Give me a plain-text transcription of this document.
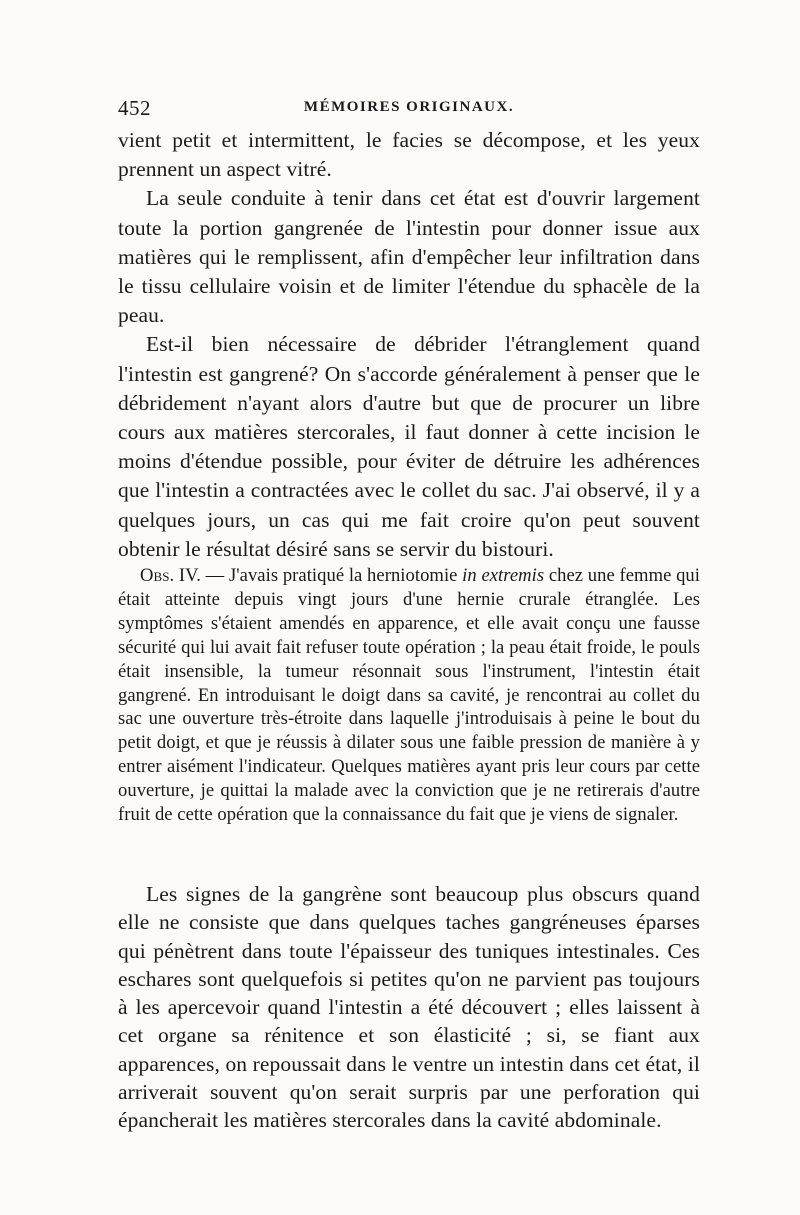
452	MÉMOIRES ORIGINAUX.

vient petit et intermittent, le facies se décompose, et les yeux prennent un aspect vitré.

La seule conduite à tenir dans cet état est d'ouvrir largement toute la portion gangrenée de l'intestin pour donner issue aux matières qui le remplissent, afin d'empêcher leur infiltration dans le tissu cellulaire voisin et de limiter l'étendue du sphacèle de la peau.

Est-il bien nécessaire de débrider l'étranglement quand l'intestin est gangrené? On s'accorde généralement à penser que le débridement n'ayant alors d'autre but que de procurer un libre cours aux matières stercorales, il faut donner à cette incision le moins d'étendue possible, pour éviter de détruire les adhérences que l'intestin a contractées avec le collet du sac. J'ai observé, il y a quelques jours, un cas qui me fait croire qu'on peut souvent obtenir le résultat désiré sans se servir du bistouri.

Obs. IV. — J'avais pratiqué la herniotomie in extremis chez une femme qui était atteinte depuis vingt jours d'une hernie crurale étranglée. Les symptômes s'étaient amendés en apparence, et elle avait conçu une fausse sécurité qui lui avait fait refuser toute opération ; la peau était froide, le pouls était insensible, la tumeur résonnait sous l'instrument, l'intestin était gangrené. En introduisant le doigt dans sa cavité, je rencontrai au collet du sac une ouverture très-étroite dans laquelle j'introduisais à peine le bout du petit doigt, et que je réussis à dilater sous une faible pression de manière à y entrer aisément l'indicateur. Quelques matières ayant pris leur cours par cette ouverture, je quittai la malade avec la conviction que je ne retirerais d'autre fruit de cette opération que la connaissance du fait que je viens de signaler.

Les signes de la gangrène sont beaucoup plus obscurs quand elle ne consiste que dans quelques taches gangréneuses éparses qui pénètrent dans toute l'épaisseur des tuniques intestinales. Ces eschares sont quelquefois si petites qu'on ne parvient pas toujours à les apercevoir quand l'intestin a été découvert ; elles laissent à cet organe sa rénitence et son élasticité ; si, se fiant aux apparences, on repoussait dans le ventre un intestin dans cet état, il arriverait souvent qu'on serait surpris par une perforation qui épancherait les matières stercorales dans la cavité abdominale.
